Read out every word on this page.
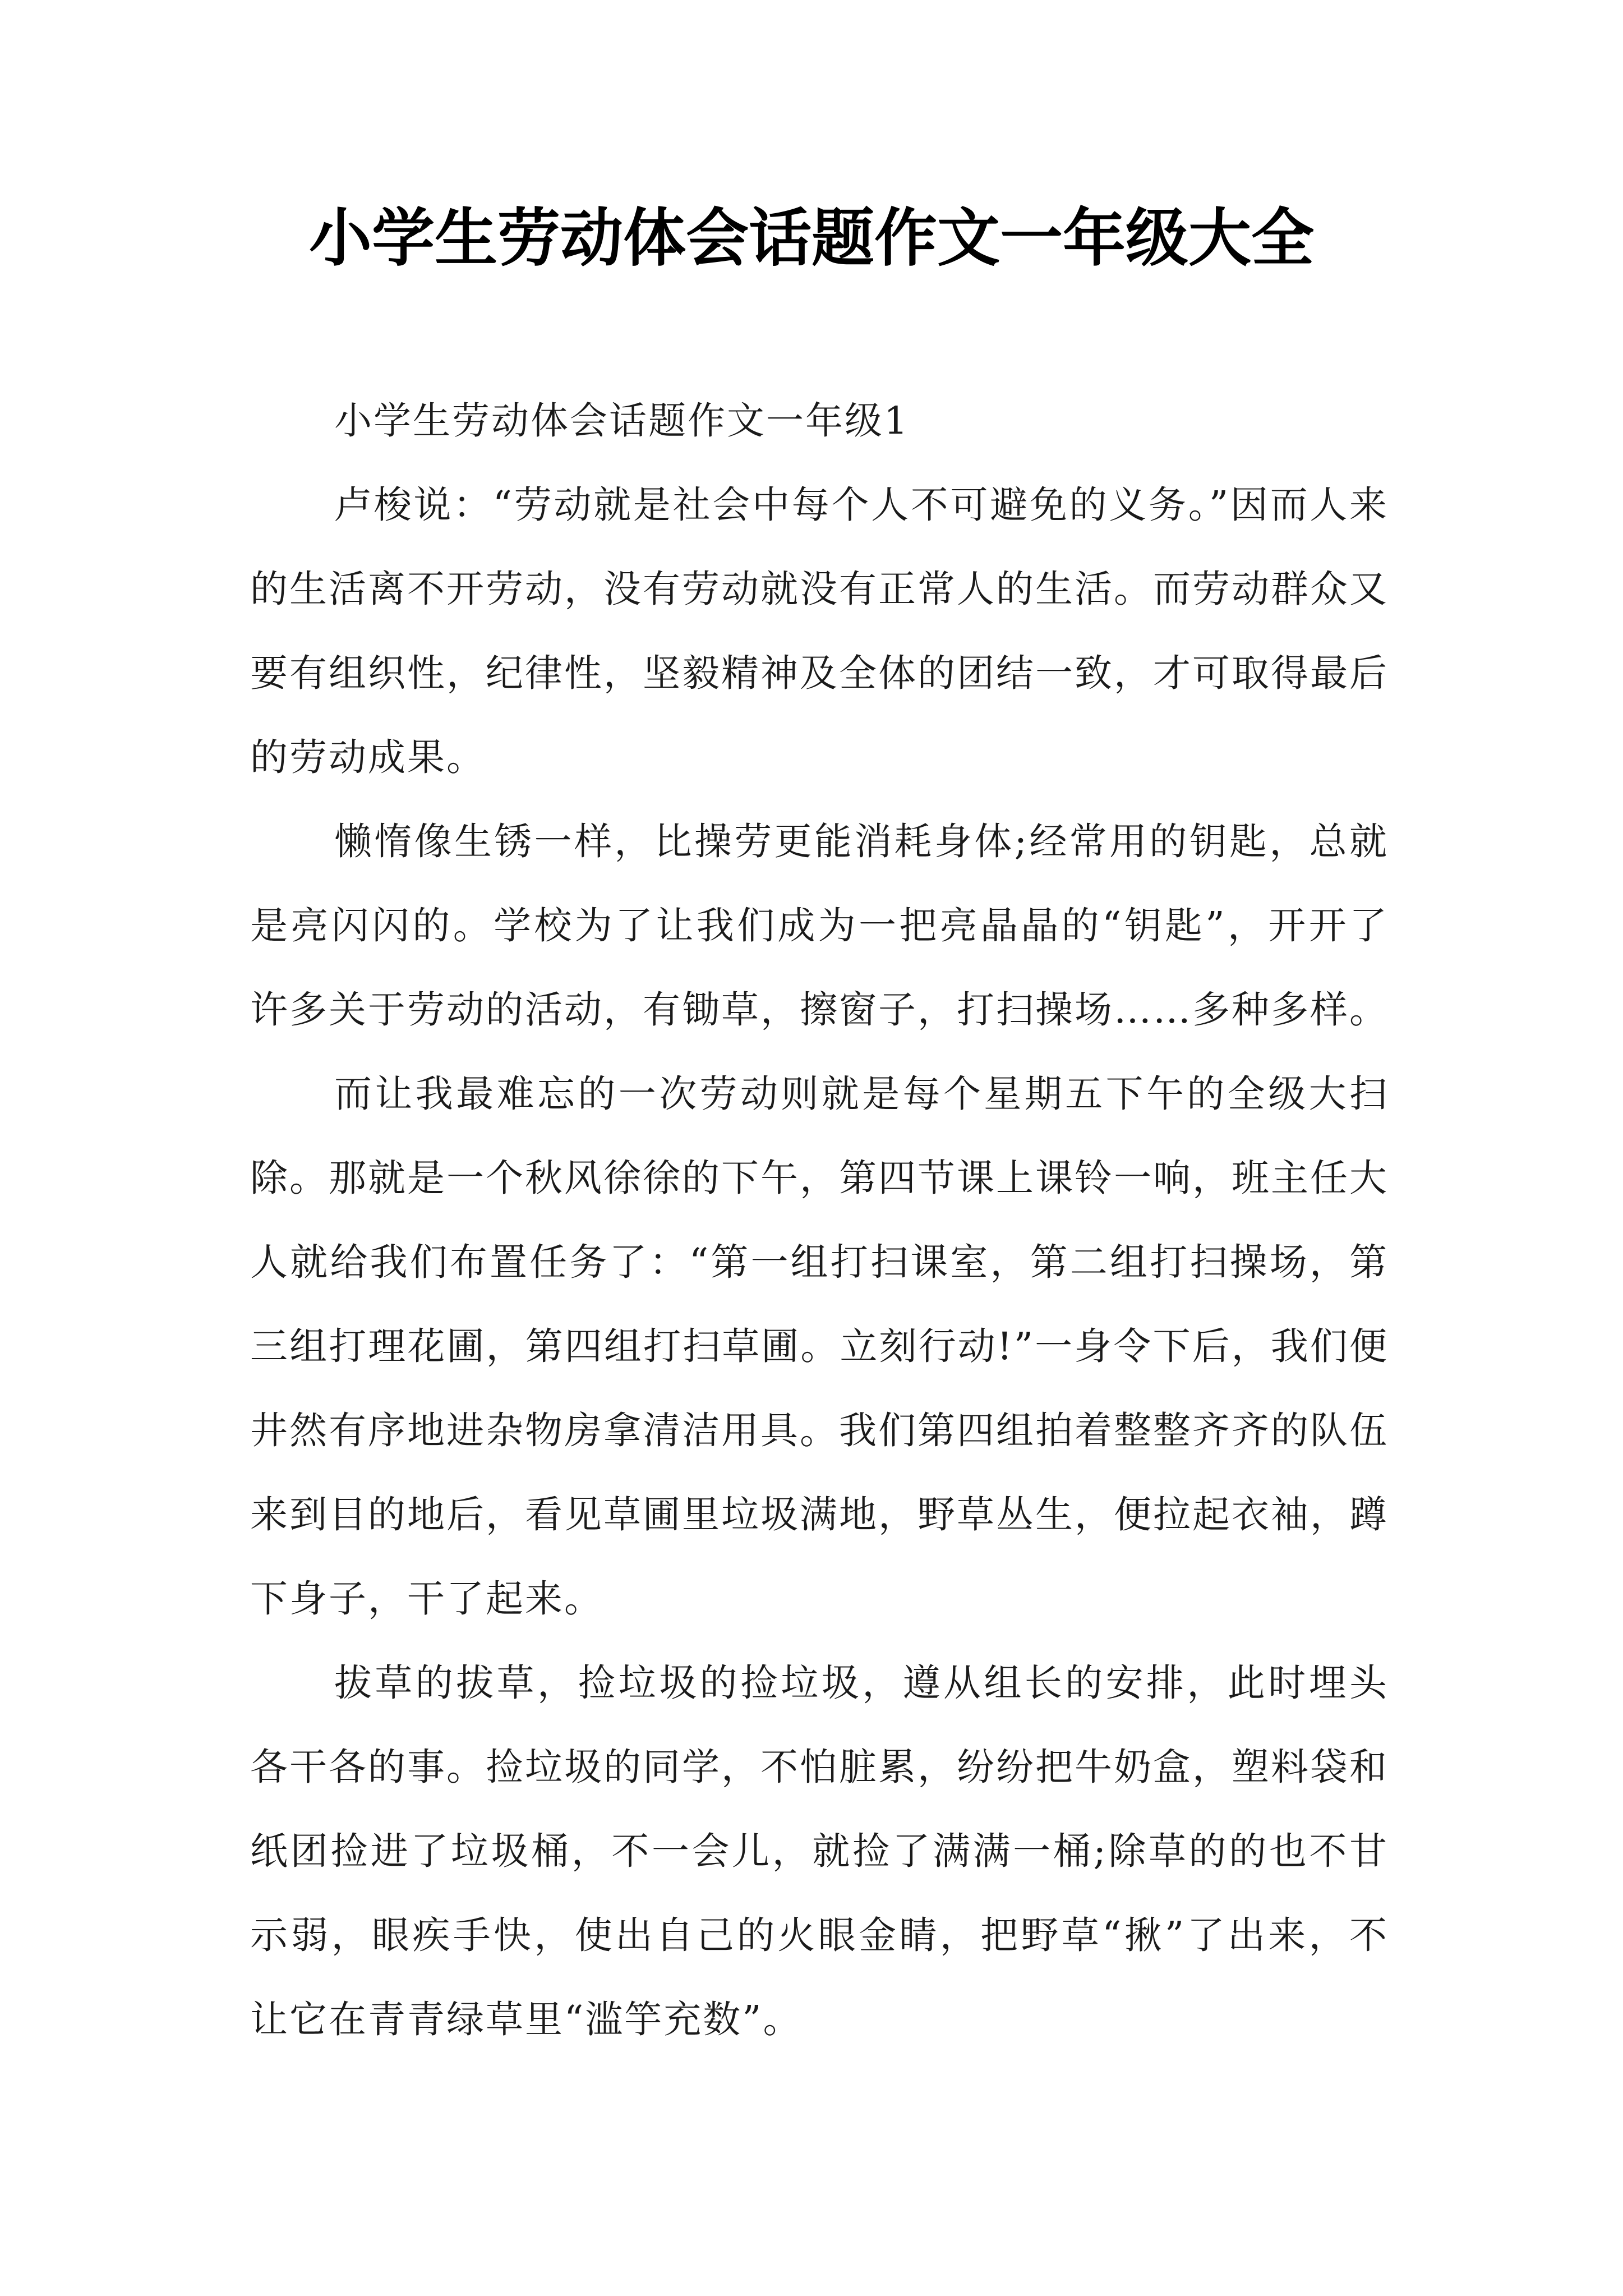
小学生劳动体会话题作文一年级大全

小学生劳动体会话题作文一年级1

卢梭说：“劳动就是社会中每个人不可避免的义务。”因而人来的生活离不开劳动，没有劳动就没有正常人的生活。而劳动群众又要有组织性，纪律性，坚毅精神及全体的团结一致，才可取得最后的劳动成果。

懒惰像生锈一样，比操劳更能消耗身体;经常用的钥匙，总就是亮闪闪的。学校为了让我们成为一把亮晶晶的“钥匙”，开开了许多关于劳动的活动，有锄草，擦窗子，打扫操场……多种多样。

而让我最难忘的一次劳动则就是每个星期五下午的全级大扫除。那就是一个秋风徐徐的下午，第四节课上课铃一响，班主任大人就给我们布置任务了：“第一组打扫课室，第二组打扫操场，第三组打理花圃，第四组打扫草圃。立刻行动!”一身令下后，我们便井然有序地进杂物房拿清洁用具。我们第四组拍着整整齐齐的队伍来到目的地后，看见草圃里垃圾满地，野草丛生，便拉起衣袖，蹲下身子，干了起来。

拔草的拔草，捡垃圾的捡垃圾，遵从组长的安排，此时埋头各干各的事。捡垃圾的同学，不怕脏累，纷纷把牛奶盒，塑料袋和纸团捡进了垃圾桶，不一会儿，就捡了满满一桶;除草的的也不甘示弱，眼疾手快，使出自己的火眼金睛，把野草“揪”了出来，不让它在青青绿草里“滥竽充数”。
